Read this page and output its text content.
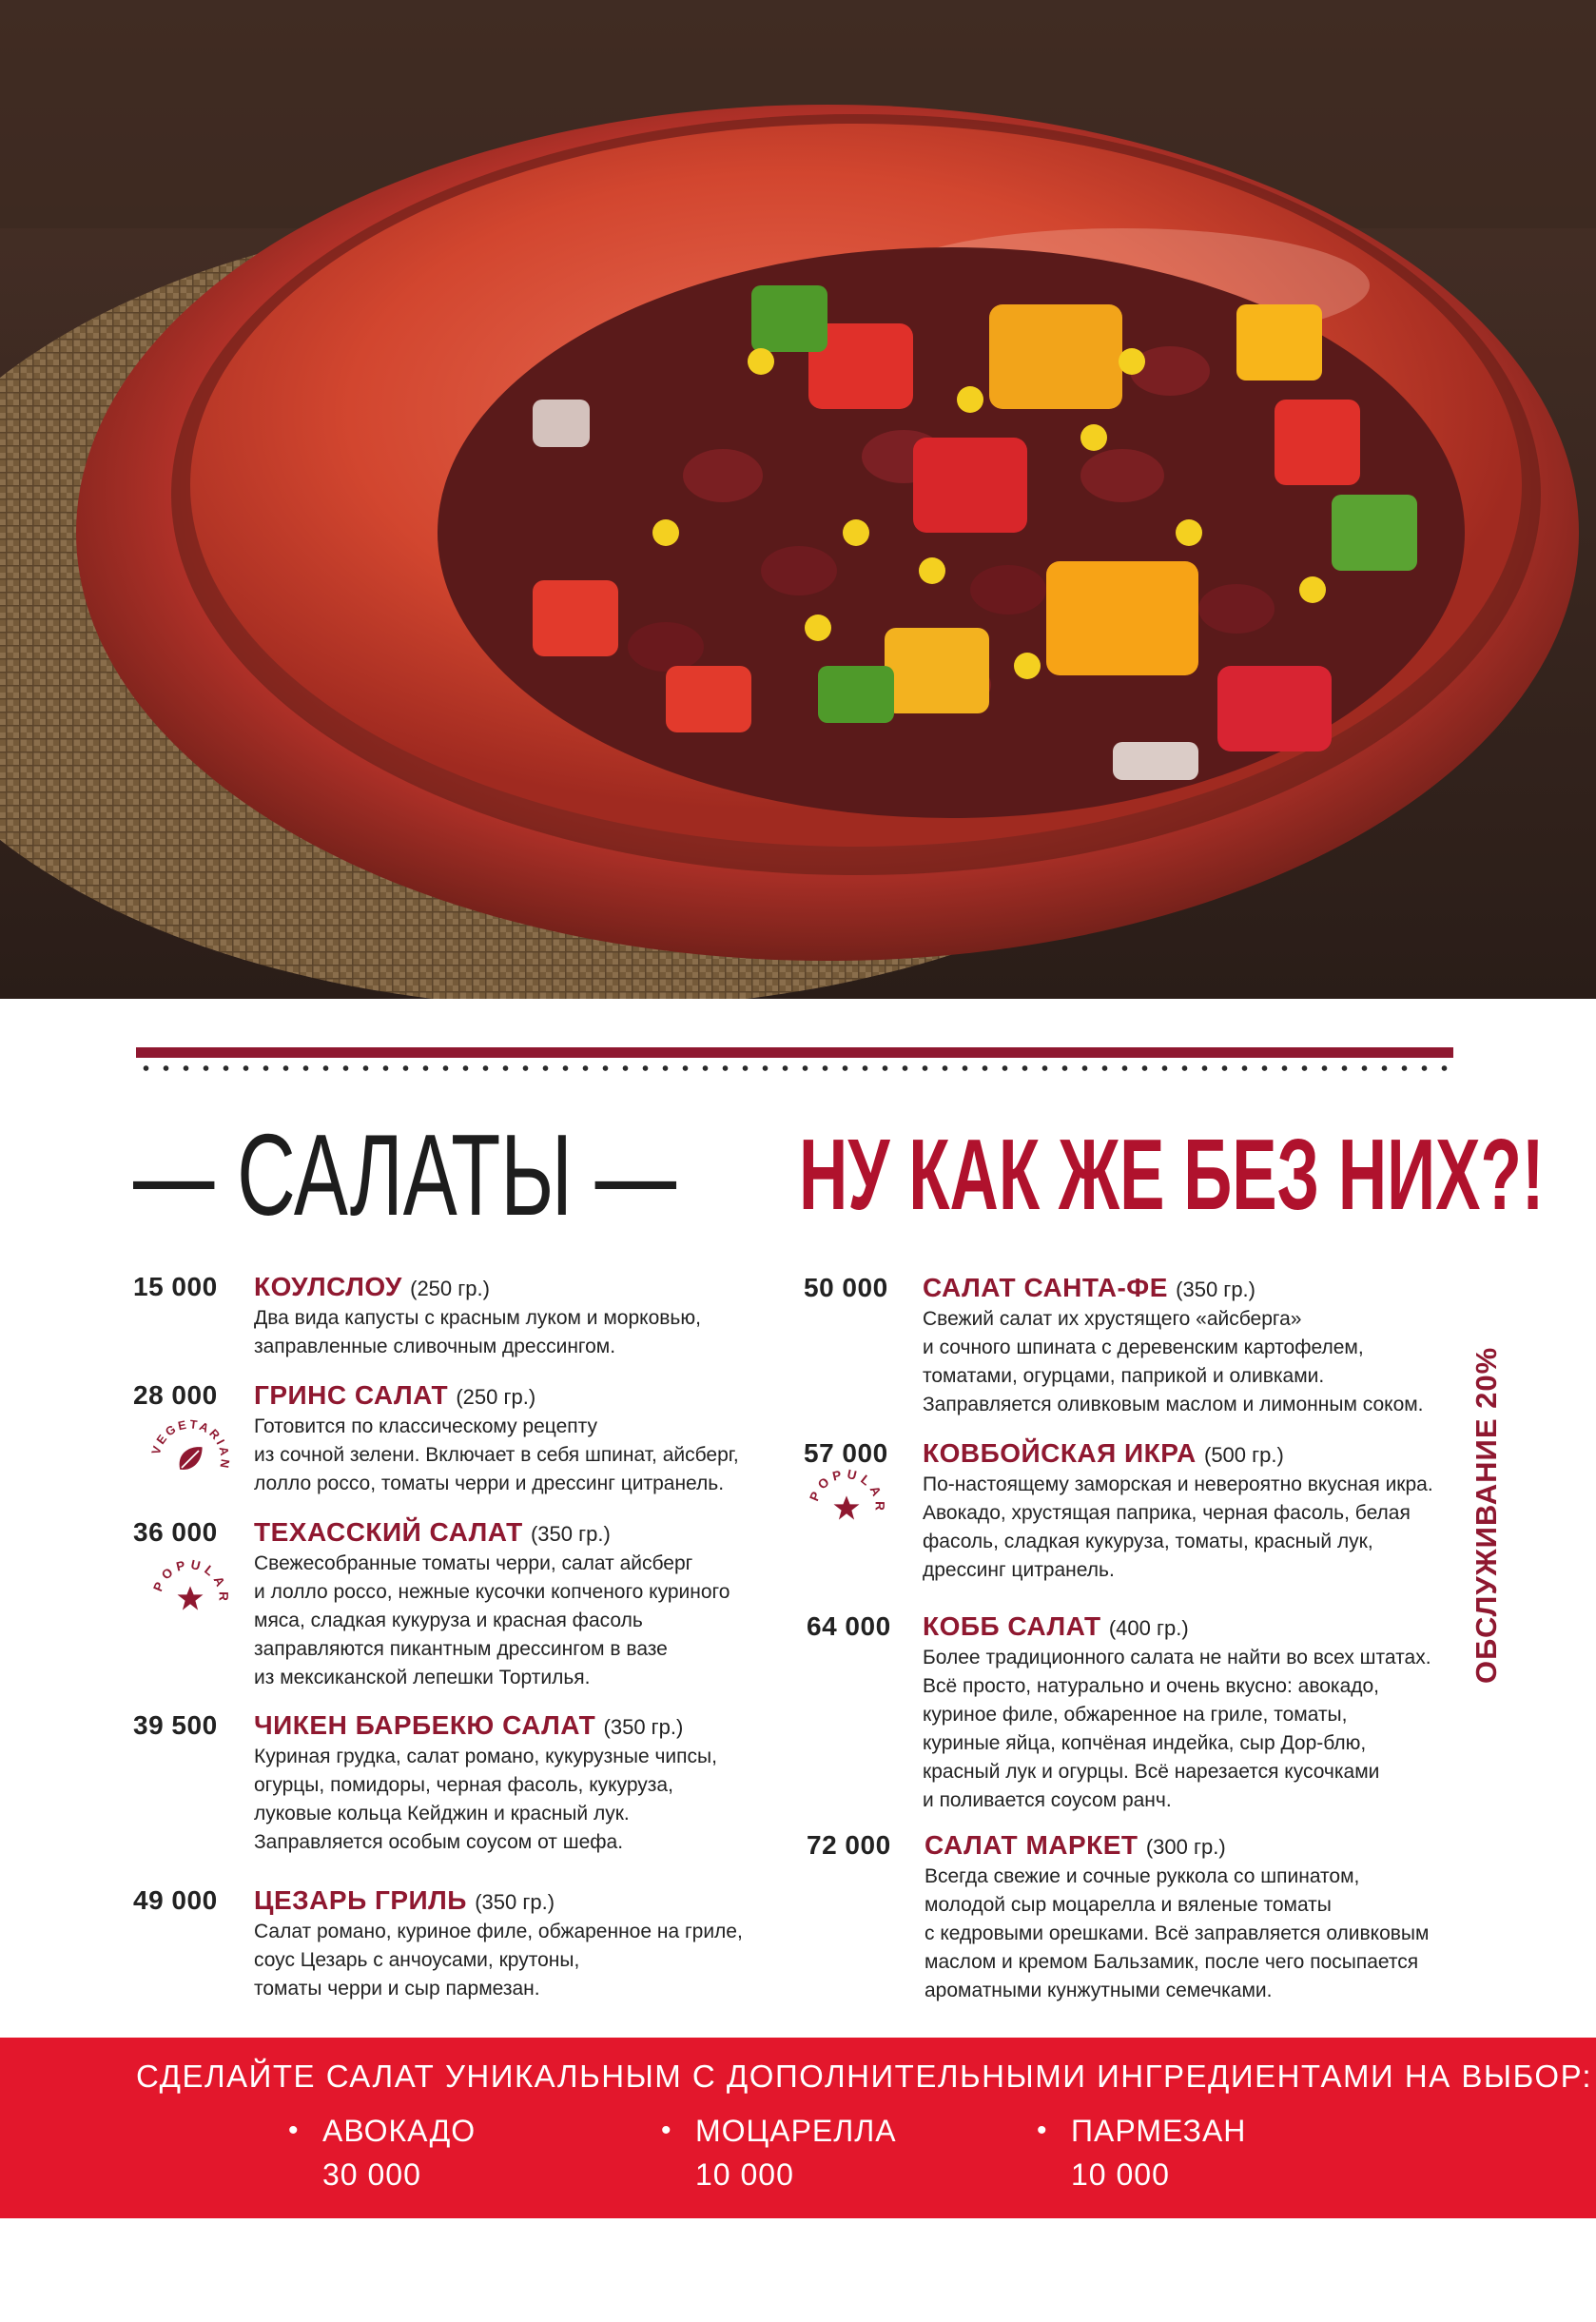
— САЛАТЫ — НУ КАК ЖЕ БЕЗ НИХ?!
15 000 КОУЛСЛОУ (250 гр.)
Два вида капусты с красным луком и морковью,
заправленные сливочным дрессингом.
28 000 ГРИНС САЛАТ (250 гр.)
Готовится по классическому рецепту
из сочной зелени. Включает в себя шпинат, айсберг,
лолло россо, томаты черри и дрессинг цитранель.
VEGETARIAN
36 000 ТЕХАССКИЙ САЛАТ (350 гр.)
Свежесобранные томаты черри, салат айсберг
и лолло россо, нежные кусочки копченого куриного
мяса, сладкая кукуруза и красная фасоль
заправляются пикантным дрессингом в вазе
из мексиканской лепешки Тортилья.
POPULAR
39 500 ЧИКЕН БАРБЕКЮ САЛАТ (350 гр.)
Куриная грудка, салат романо, кукурузные чипсы,
огурцы, помидоры, черная фасоль, кукуруза,
луковые кольца Кейджин и красный лук.
Заправляется особым соусом от шефа.
49 000 ЦЕЗАРЬ ГРИЛЬ (350 гр.)
Салат романо, куриное филе, обжаренное на гриле,
соус Цезарь с анчоусами, крутоны,
томаты черри и сыр пармезан.
50 000 САЛАТ САНТА-ФЕ (350 гр.)
Свежий салат их хрустящего «айсберга»
и сочного шпината с деревенским картофелем,
томатами, огурцами, паприкой и оливками.
Заправляется оливковым маслом и лимонным соком.
57 000 КОВБОЙСКАЯ ИКРА (500 гр.)
По-настоящему заморская и невероятно вкусная икра.
Авокадо, хрустящая паприка, черная фасоль, белая
фасоль, сладкая кукуруза, томаты, красный лук,
дрессинг цитранель.
POPULAR
64 000 КОББ САЛАТ (400 гр.)
Более традиционного салата не найти во всех штатах.
Всё просто, натурально и очень вкусно: авокадо,
куриное филе, обжаренное на гриле, томаты,
куриные яйца, копчёная индейка, сыр Дор-блю,
красный лук и огурцы. Всё нарезается кусочками
и поливается соусом ранч.
72 000 САЛАТ МАРКЕТ (300 гр.)
Всегда свежие и сочные руккола со шпинатом,
молодой сыр моцарелла и вяленые томаты
с кедровыми орешками. Всё заправляется оливковым
маслом и кремом Бальзамик, после чего посыпается
ароматными кунжутными семечками.
ОБСЛУЖИВАНИЕ 20%
СДЕЛАЙТЕ САЛАТ УНИКАЛЬНЫМ С ДОПОЛНИТЕЛЬНЫМИ ИНГРЕДИЕНТАМИ НА ВЫБОР:
• АВОКАДО
30 000
• МОЦАРЕЛЛА
10 000
• ПАРМЕЗАН
10 000
